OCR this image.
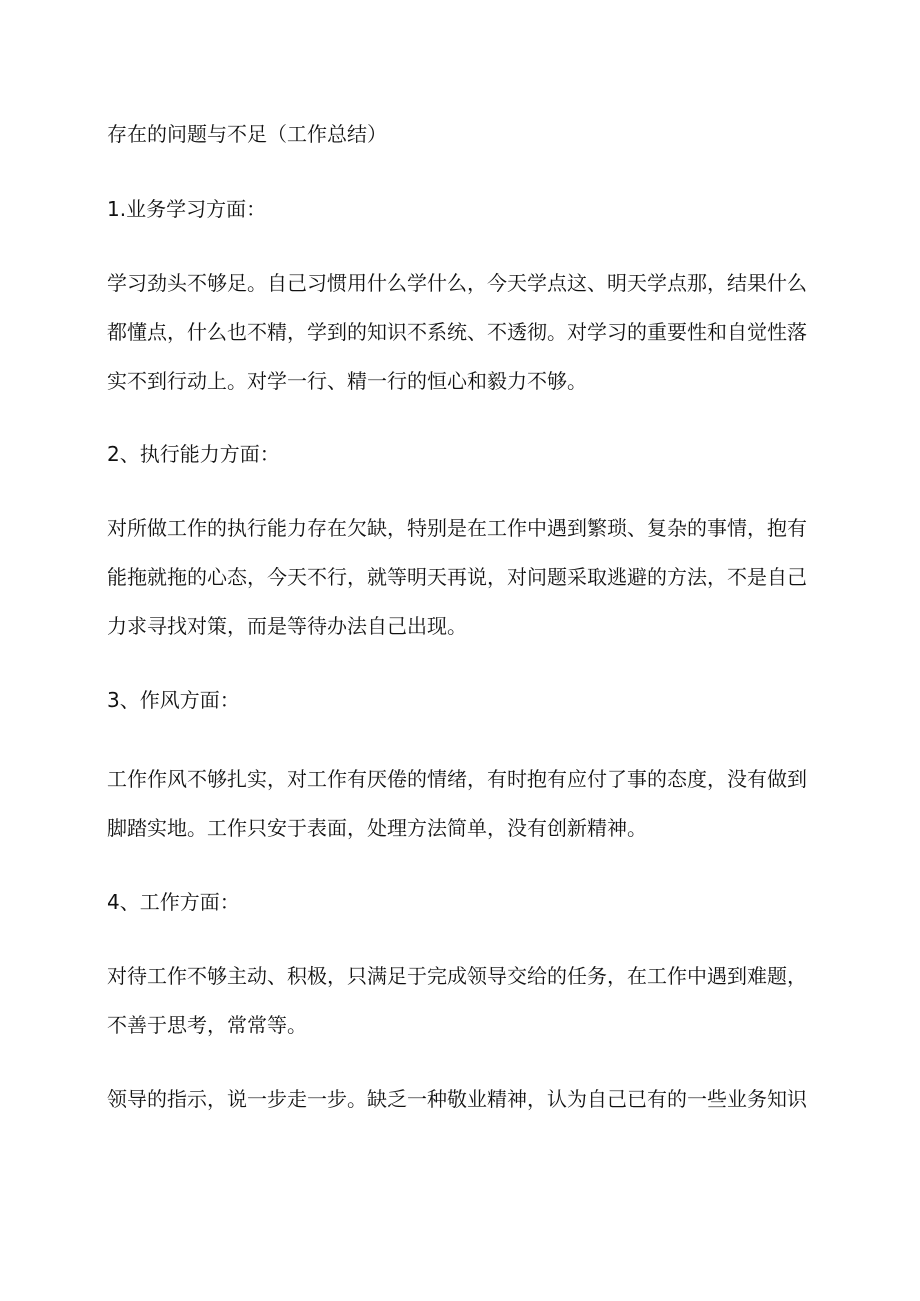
存在的问题与不足（工作总结）
1.业务学习方面：
学习劲头不够足。自己习惯用什么学什么，今天学点这、明天学点那，结果什么
都懂点，什么也不精，学到的知识不系统、不透彻。对学习的重要性和自觉性落
实不到行动上。对学一行、精一行的恒心和毅力不够。
2、执行能力方面：
对所做工作的执行能力存在欠缺，特别是在工作中遇到繁琐、复杂的事情，抱有
能拖就拖的心态，今天不行，就等明天再说，对问题采取逃避的方法，不是自己
力求寻找对策，而是等待办法自己出现。
3、作风方面：
工作作风不够扎实，对工作有厌倦的情绪，有时抱有应付了事的态度，没有做到
脚踏实地。工作只安于表面，处理方法简单，没有创新精神。
4、工作方面：
对待工作不够主动、积极，只满足于完成领导交给的任务，在工作中遇到难题，
不善于思考，常常等。
领导的指示，说一步走一步。缺乏一种敬业精神，认为自己已有的一些业务知识
